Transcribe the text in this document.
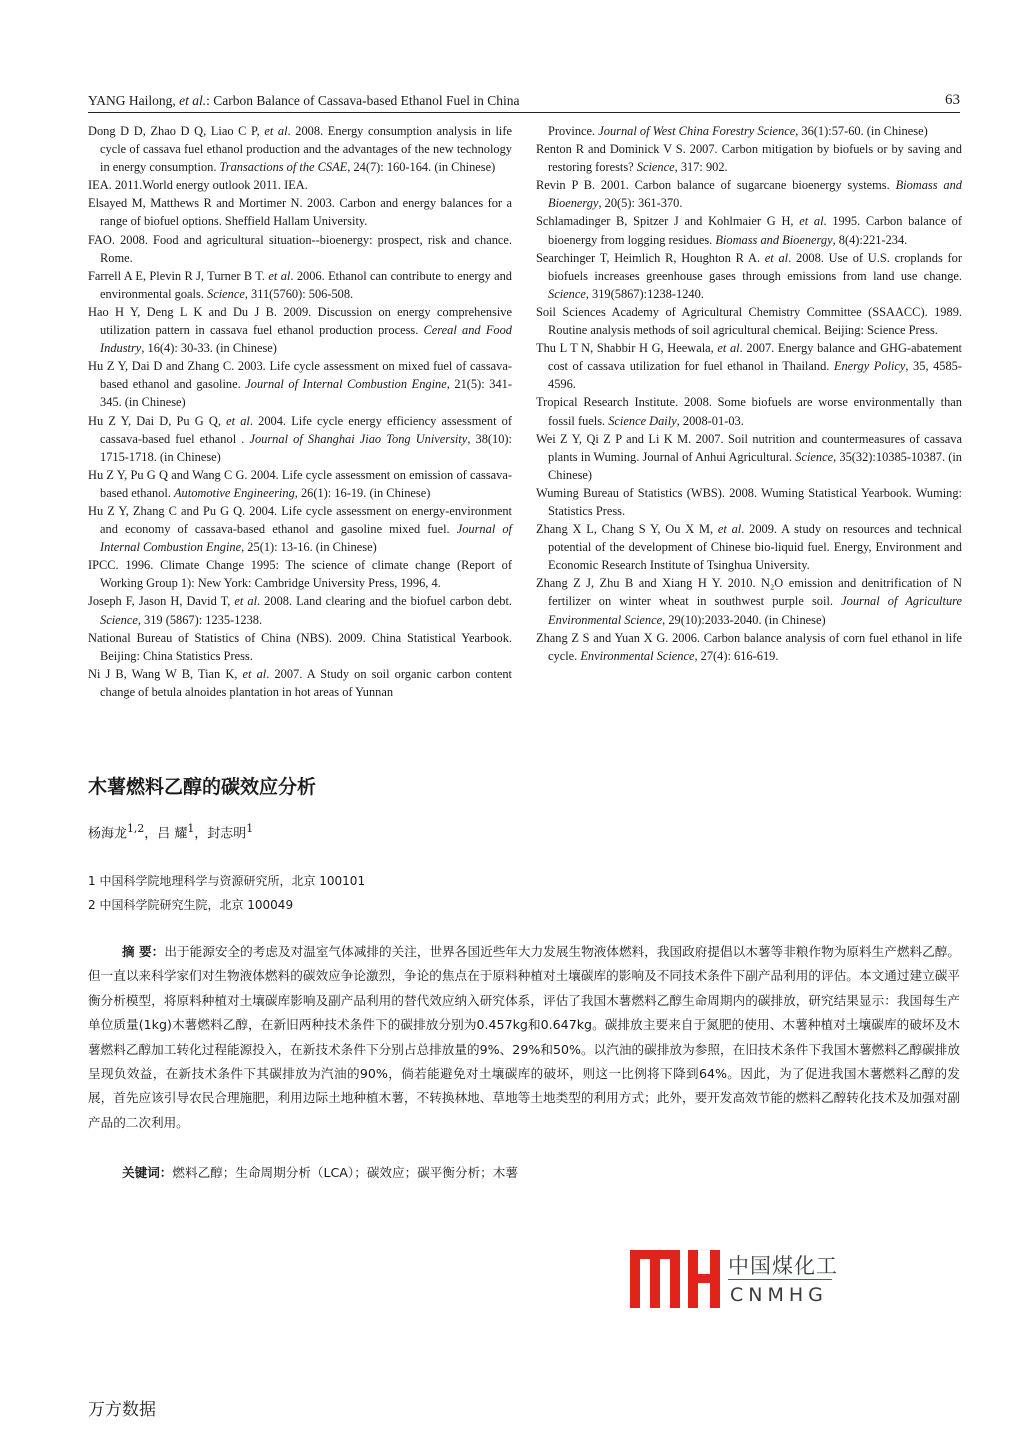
YANG Hailong, et al.: Carbon Balance of Cassava-based Ethanol Fuel in China	63

Dong D D, Zhao D Q, Liao C P, et al. 2008. Energy consumption analysis in life cycle of cassava fuel ethanol production and the advantages of the new technology in energy consumption. Transactions of the CSAE, 24(7): 160-164. (in Chinese)

IEA. 2011.World energy outlook 2011. IEA.

Elsayed M, Matthews R and Mortimer N. 2003. Carbon and energy balances for a range of biofuel options. Sheffield Hallam University.

FAO. 2008. Food and agricultural situation--bioenergy: prospect, risk and chance. Rome.

Farrell A E, Plevin R J, Turner B T. et al. 2006. Ethanol can contribute to energy and environmental goals. Science, 311(5760): 506-508.

Hao H Y, Deng L K and Du J B. 2009. Discussion on energy comprehensive utilization pattern in cassava fuel ethanol production process. Cereal and Food Industry, 16(4): 30-33. (in Chinese)

Hu Z Y, Dai D and Zhang C. 2003. Life cycle assessment on mixed fuel of cassava-based ethanol and gasoline. Journal of Internal Combustion Engine, 21(5): 341-345. (in Chinese)

Hu Z Y, Dai D, Pu G Q, et al. 2004. Life cycle energy efficiency assessment of cassava-based fuel ethanol . Journal of Shanghai Jiao Tong University, 38(10): 1715-1718. (in Chinese)

Hu Z Y, Pu G Q and Wang C G. 2004. Life cycle assessment on emission of cassava-based ethanol. Automotive Engineering, 26(1): 16-19. (in Chinese)

Hu Z Y, Zhang C and Pu G Q. 2004. Life cycle assessment on energy-environment and economy of cassava-based ethanol and gasoline mixed fuel. Journal of Internal Combustion Engine, 25(1): 13-16. (in Chinese)

IPCC. 1996. Climate Change 1995: The science of climate change (Report of Working Group 1): New York: Cambridge University Press, 1996, 4.

Joseph F, Jason H, David T, et al. 2008. Land clearing and the biofuel carbon debt. Science, 319 (5867): 1235-1238.

National Bureau of Statistics of China (NBS). 2009. China Statistical Yearbook. Beijing: China Statistics Press.

Ni J B, Wang W B, Tian K, et al. 2007. A Study on soil organic carbon content change of betula alnoides plantation in hot areas of Yunnan

Province. Journal of West China Forestry Science, 36(1):57-60. (in Chinese)

Renton R and Dominick V S. 2007. Carbon mitigation by biofuels or by saving and restoring forests? Science, 317: 902.

Revin P B. 2001. Carbon balance of sugarcane bioenergy systems. Biomass and Bioenergy, 20(5): 361-370.

Schlamadinger B, Spitzer J and Kohlmaier G H, et al. 1995. Carbon balance of bioenergy from logging residues. Biomass and Bioenergy, 8(4):221-234.

Searchinger T, Heimlich R, Houghton R A. et al. 2008. Use of U.S. croplands for biofuels increases greenhouse gases through emissions from land use change. Science, 319(5867):1238-1240.

Soil Sciences Academy of Agricultural Chemistry Committee (SSAACC). 1989. Routine analysis methods of soil agricultural chemical. Beijing: Science Press.

Thu L T N, Shabbir H G, Heewala, et al. 2007. Energy balance and GHG-abatement cost of cassava utilization for fuel ethanol in Thailand. Energy Policy, 35, 4585-4596.

Tropical Research Institute. 2008. Some biofuels are worse environmentally than fossil fuels. Science Daily, 2008-01-03.

Wei Z Y, Qi Z P and Li K M. 2007. Soil nutrition and countermeasures of cassava plants in Wuming. Journal of Anhui Agricultural. Science, 35(32):10385-10387. (in Chinese)

Wuming Bureau of Statistics (WBS). 2008. Wuming Statistical Yearbook. Wuming: Statistics Press.

Zhang X L, Chang S Y, Ou X M, et al. 2009. A study on resources and technical potential of the development of Chinese bio-liquid fuel. Energy, Environment and Economic Research Institute of Tsinghua University.

Zhang Z J, Zhu B and Xiang H Y. 2010. N₂O emission and denitrification of N fertilizer on winter wheat in southwest purple soil. Journal of Agriculture Environmental Science, 29(10):2033-2040. (in Chinese)

Zhang Z S and Yuan X G. 2006. Carbon balance analysis of corn fuel ethanol in life cycle. Environmental Science, 27(4): 616-619.

木薯燃料乙醇的碳效应分析
杨海龙$^{1,2}$，吕 耀$^1$，封志明$^1$
1 中国科学院地理科学与资源研究所，北京 100101
2 中国科学院研究生院，北京 100049

摘 要：出于能源安全的考虑及对温室气体减排的关注，世界各国近些年大力发展生物液体燃料，我国政府提倡以木薯等非粮作物为原料生产燃料乙醇。但一直以来科学家们对生物液体燃料的碳效应争论激烈，争论的焦点在于原料种植对土壤碳库的影响及不同技术条件下副产品利用的评估。本文通过建立碳平衡分析模型，将原料种植对土壤碳库影响及副产品利用的替代效应纳入研究体系，评估了我国木薯燃料乙醇生命周期内的碳排放，研究结果显示：我国每生产单位质量(1kg)木薯燃料乙醇，在新旧两种技术条件下的碳排放分别为0.457kg和0.647kg。碳排放主要来自于氮肥的使用、木薯种植对土壤碳库的破坏及木薯燃料乙醇加工转化过程能源投入，在新技术条件下分别占总排放量的9%、29%和50%。以汽油的碳排放为参照，在旧技术条件下我国木薯燃料乙醇碳排放呈现负效益，在新技术条件下其碳排放为汽油的90%，倘若能避免对土壤碳库的破坏，则这一比例将下降到64%。因此，为了促进我国木薯燃料乙醇的发展，首先应该引导农民合理施肥，利用边际土地种植木薯，不转换林地、草地等土地类型的利用方式；此外，要开发高效节能的燃料乙醇转化技术及加强对副产品的二次利用。

关键词：燃料乙醇；生命周期分析（LCA）；碳效应；碳平衡分析；木薯
中国煤化工
CNMHG
万方数据
